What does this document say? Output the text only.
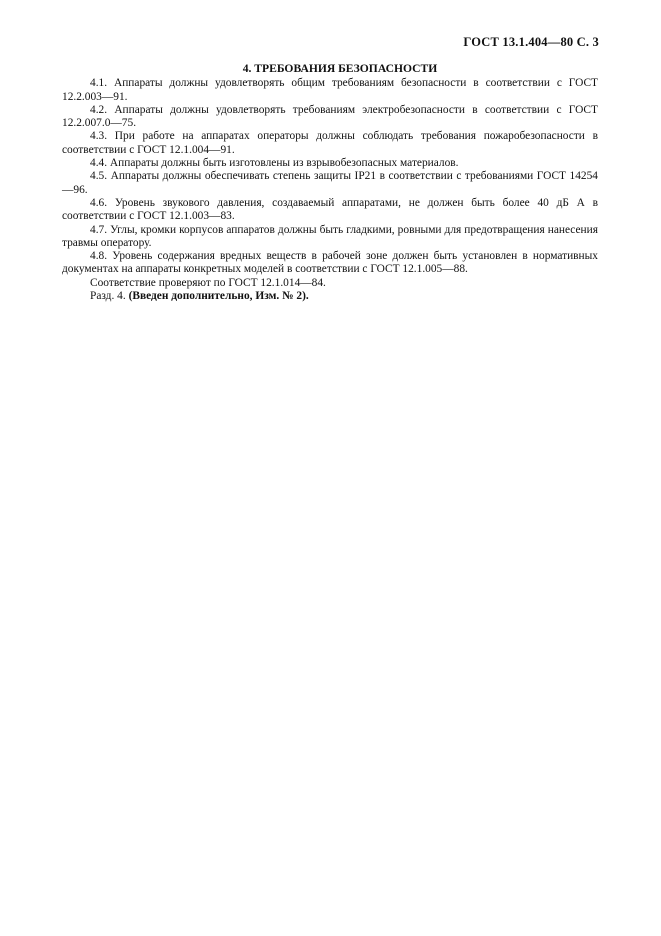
ГОСТ 13.1.404—80 С. 3
4. ТРЕБОВАНИЯ БЕЗОПАСНОСТИ

4.1. Аппараты должны удовлетворять общим требованиям безопасности в соответствии с ГОСТ 12.2.003—91.

4.2. Аппараты должны удовлетворять требованиям электробезопасности в соответствии с ГОСТ 12.2.007.0—75.

4.3. При работе на аппаратах операторы должны соблюдать требования пожаробезопасности в соответствии с ГОСТ 12.1.004—91.

4.4. Аппараты должны быть изготовлены из взрывобезопасных материалов.

4.5. Аппараты должны обеспечивать степень защиты IP21 в соответствии с требованиями ГОСТ 14254—96.

4.6. Уровень звукового давления, создаваемый аппаратами, не должен быть более 40 дБ А в соответствии с ГОСТ 12.1.003—83.

4.7. Углы, кромки корпусов аппаратов должны быть гладкими, ровными для предотвращения нанесения травмы оператору.

4.8. Уровень содержания вредных веществ в рабочей зоне должен быть установлен в нормативных документах на аппараты конкретных моделей в соответствии с ГОСТ 12.1.005—88.

Соответствие проверяют по ГОСТ 12.1.014—84.

Разд. 4. (Введен дополнительно, Изм. № 2).
